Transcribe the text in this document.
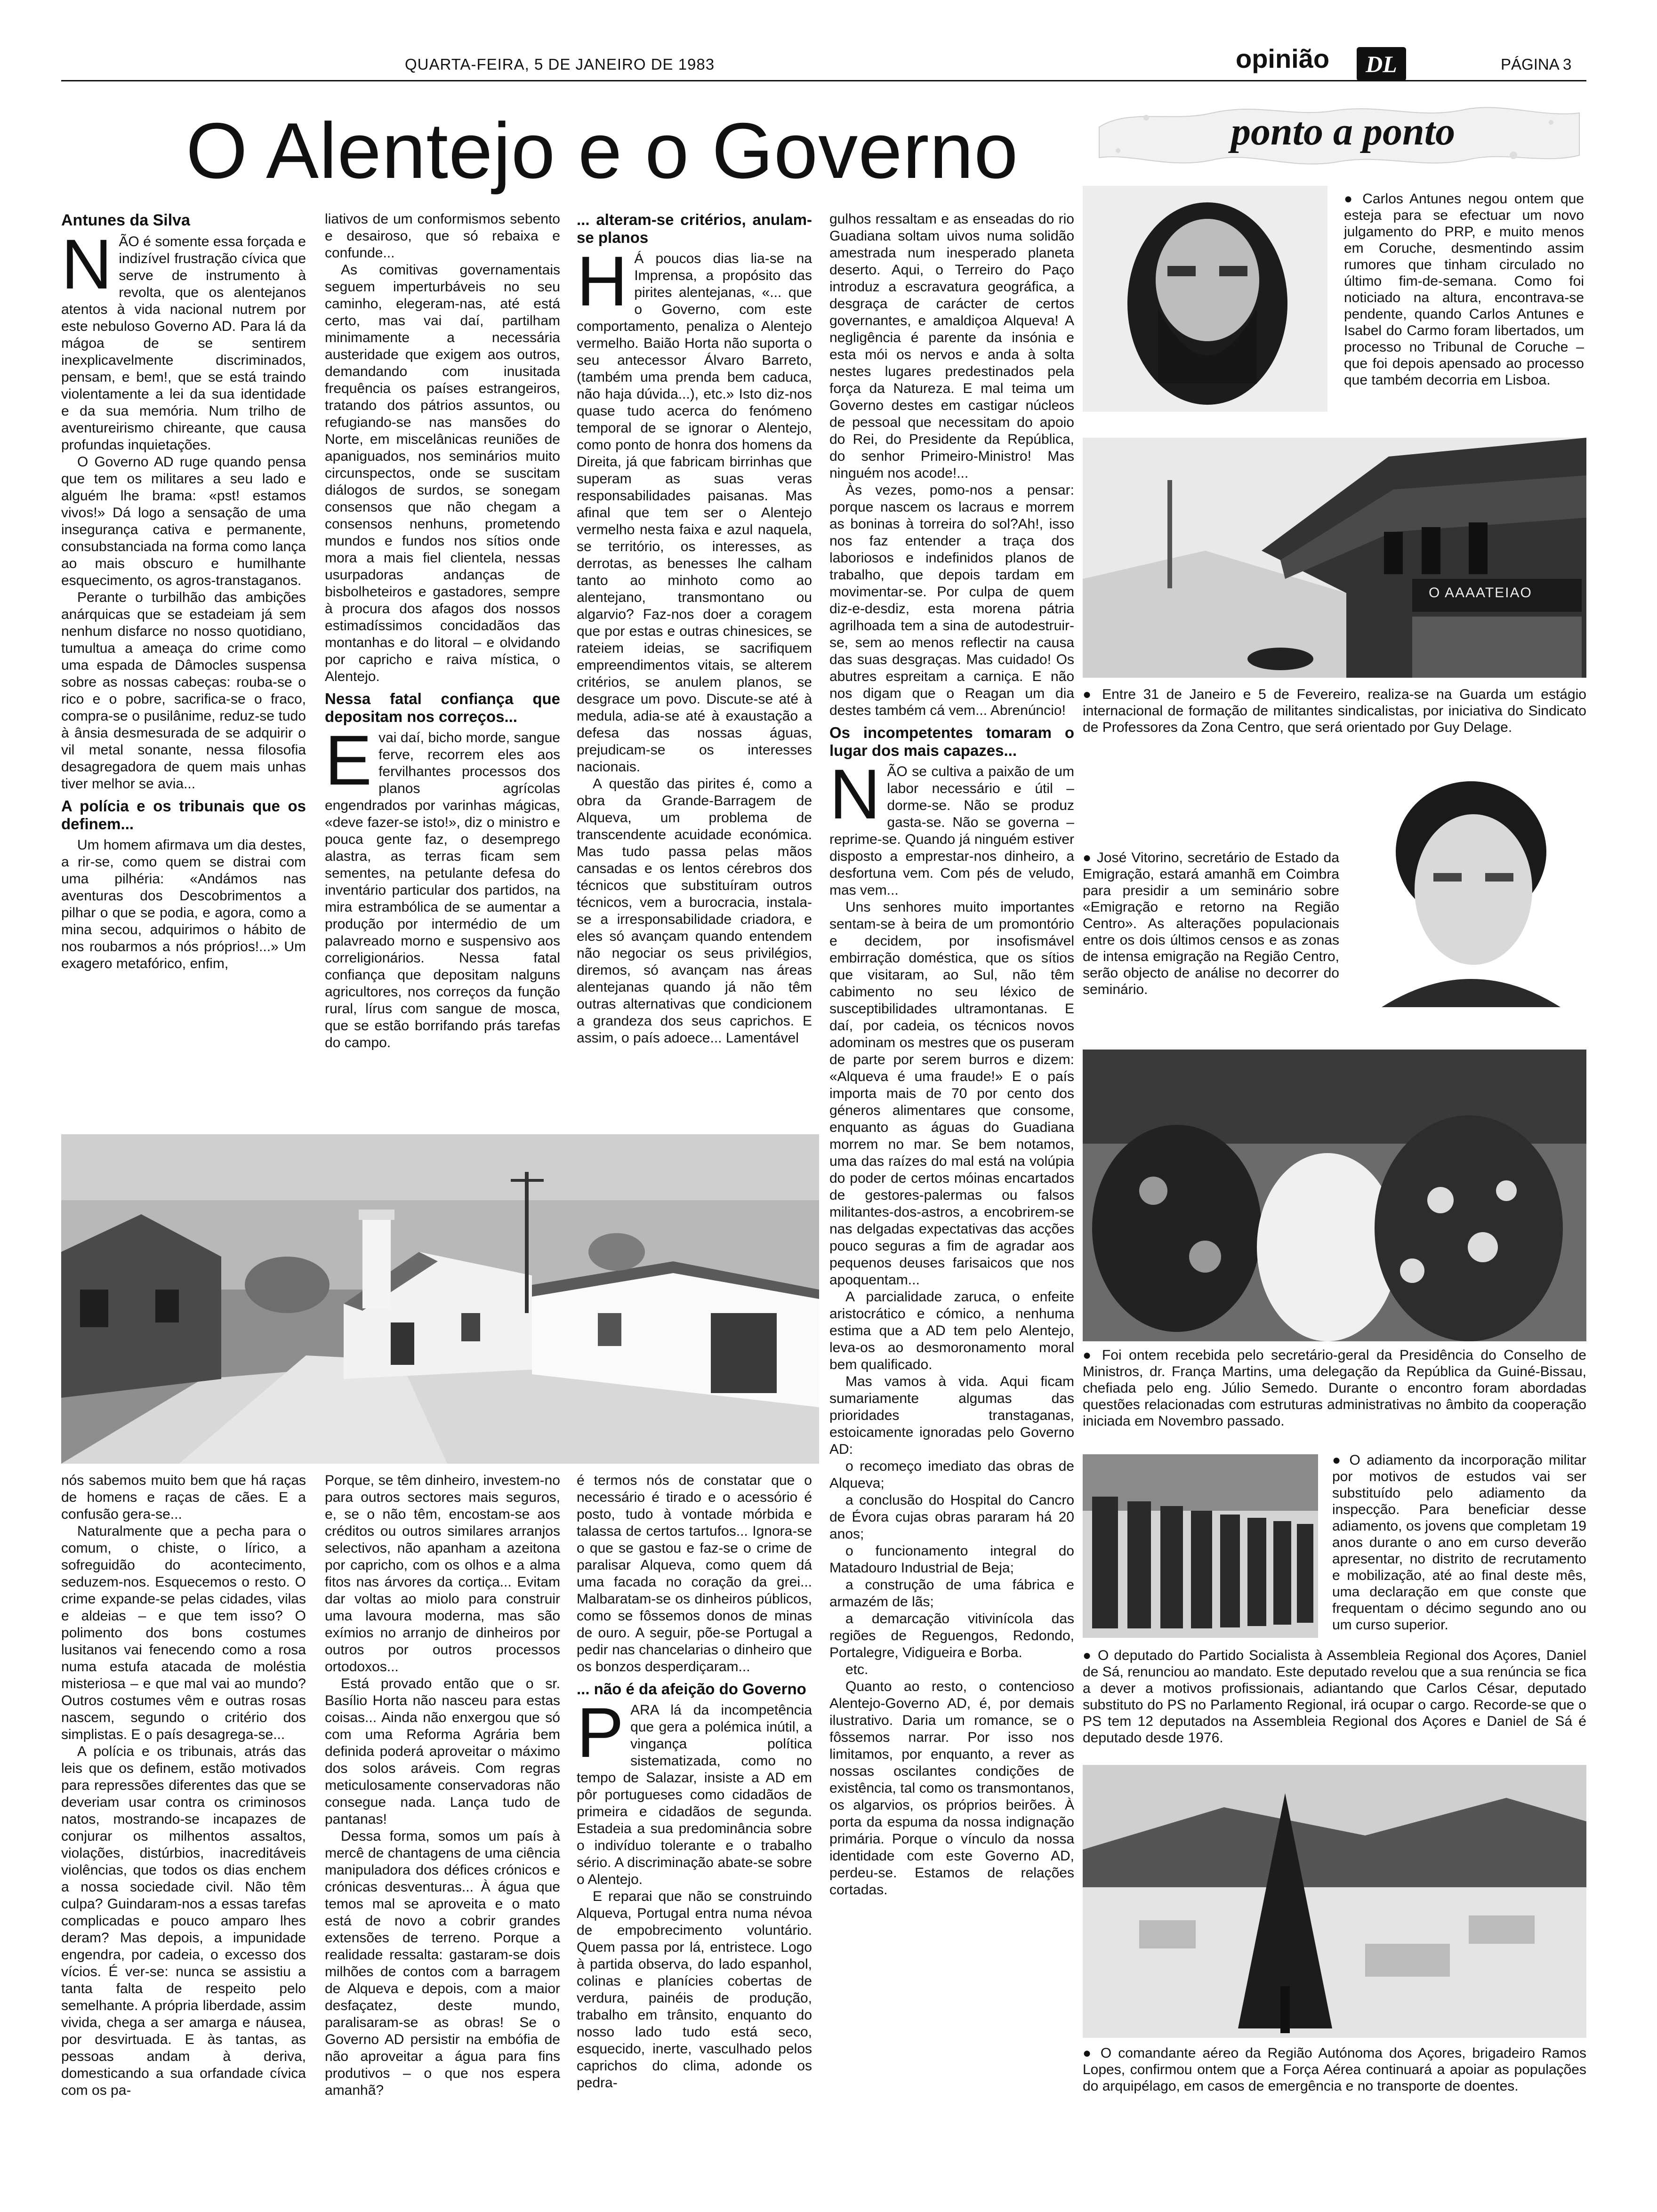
QUARTA-FEIRA, 5 DE JANEIRO DE 1983	opinião	DL	PÁGINA 3
O Alentejo e o Governo
Antunes da Silva

NÃO é somente essa forçada e indizível frustração cívica que serve de instrumento à revolta, que os alentejanos atentos à vida nacional nutrem por este nebuloso Governo AD. Para lá da mágoa de se sentirem inexplicavelmente discriminados, pensam, e bem!, que se está traindo violentamente a lei da sua identidade e da sua memória. Num trilho de aventureirismo chireante, que causa profundas inquietações.

O Governo AD ruge quando pensa que tem os militares a seu lado e alguém lhe brama: «pst! estamos vivos!» Dá logo a sensação de uma insegurança cativa e permanente, consubstanciada na forma como lança ao mais obscuro e humilhante esquecimento, os agros-transtaganos.

Perante o turbilhão das ambições anárquicas que se estadeiam já sem nenhum disfarce no nosso quotidiano, tumultua a ameaça do crime como uma espada de Dâmocles suspensa sobre as nossas cabeças: rouba-se o rico e o pobre, sacrifica-se o fraco, compra-se o pusilânime, reduz-se tudo à ânsia desmesurada de se adquirir o vil metal sonante, nessa filosofia desagregadora de quem mais unhas tiver melhor se avia...

A polícia e os tribunais que os definem...

Um homem afirmava um dia destes, a rir-se, como quem se distrai com uma pilhéria: «Andámos nas aventuras dos Descobrimentos a pilhar o que se podia, e agora, como a mina secou, adquirimos o hábito de nos roubarmos a nós próprios!...» Um exagero metafórico, enfim,

liativos de um conformismos sebento e desairoso, que só rebaixa e confunde...

As comitivas governamentais seguem imperturbáveis no seu caminho, elegeram-nas, até está certo, mas vai daí, partilham minimamente a necessária austeridade que exigem aos outros, demandando com inusitada frequência os países estrangeiros, tratando dos pátrios assuntos, ou refugiando-se nas mansões do Norte, em miscelânicas reuniões de apaniguados, nos seminários muito circunspectos, onde se suscitam diálogos de surdos, se sonegam consensos que não chegam a consensos nenhuns, prometendo mundos e fundos nos sítios onde mora a mais fiel clientela, nessas usurpadoras andanças de bisbolheteiros e gastadores, sempre à procura dos afagos dos nossos estimadíssimos concidadãos das montanhas e do litoral – e olvidando por capricho e raiva mística, o Alentejo.

Nessa fatal confiança que depositam nos correços...

Evai daí, bicho morde, sangue ferve, recorrem eles aos fervilhantes processos dos planos agrícolas engendrados por varinhas mágicas, «deve fazer-se isto!», diz o ministro e pouca gente faz, o desemprego alastra, as terras ficam sem sementes, na petulante defesa do inventário particular dos partidos, na mira estrambólica de se aumentar a produção por intermédio de um palavreado morno e suspensivo aos correligionários. Nessa fatal confiança que depositam nalguns agricultores, nos correços da função rural, lírus com sangue de mosca, que se estão borrifando prás tarefas do campo.

... alteram-se critérios, anulam-se planos

H Á poucos dias lia-se na Imprensa, a propósito das pirites alentejanas, «... que o Governo, com este comportamento, penaliza o Alentejo vermelho. Baião Horta não suporta o seu antecessor Álvaro Barreto, (também uma prenda bem caduca, não haja dúvida...), etc.» Isto diz-nos quase tudo acerca do fenómeno temporal de se ignorar o Alentejo, como ponto de honra dos homens da Direita, já que fabricam birrinhas que superam as suas veras responsabilidades paisanas. Mas afinal que tem ser o Alentejo vermelho nesta faixa e azul naquela, se território, os interesses, as derrotas, as benesses lhe calham tanto ao minhoto como ao alentejano, transmontano ou algarvio? Faz-nos doer a coragem que por estas e outras chinesices, se rateiem ideias, se sacrifiquem empreendimentos vitais, se alterem critérios, se anulem planos, se desgrace um povo. Discute-se até à medula, adia-se até à exaustação a defesa das nossas águas, prejudicam-se os interesses nacionais.

A questão das pirites é, como a obra da Grande-Barragem de Alqueva, um problema de transcendente acuidade económica. Mas tudo passa pelas mãos cansadas e os lentos cérebros dos técnicos que substituíram outros técnicos, vem a burocracia, instala-se a irresponsabilidade criadora, e eles só avançam quando entendem não negociar os seus privilégios, diremos, só avançam nas áreas alentejanas quando já não têm outras alternativas que condicionem a grandeza dos seus caprichos. E assim, o país adoece... Lamentável

gulhos ressaltam e as enseadas do rio Guadiana soltam uivos numa solidão amestrada num inesperado planeta deserto. Aqui, o Terreiro do Paço introduz a escravatura geográfica, a desgraça de carácter de certos governantes, e amaldiçoa Alqueva! A negligência é parente da insónia e esta mói os nervos e anda à solta nestes lugares predestinados pela força da Natureza. E mal teima um Governo destes em castigar núcleos de pessoal que necessitam do apoio do Rei, do Presidente da República, do senhor Primeiro-Ministro! Mas ninguém nos acode!...

Às vezes, pomo-nos a pensar: porque nascem os lacraus e morrem as boninas à torreira do sol?Ah!, isso nos faz entender a traça dos laboriosos e indefinidos planos de trabalho, que depois tardam em movimentar-se. Por culpa de quem diz-e-desdiz, esta morena pátria agrilhoada tem a sina de autodestruir-se, sem ao menos reflectir na causa das suas desgraças. Mas cuidado! Os abutres espreitam a carniça. E não nos digam que o Reagan um dia destes também cá vem... Abrenúncio!

Os incompetentes tomaram o lugar dos mais capazes...

NÃO se cultiva a paixão de um labor necessário e útil – dorme-se. Não se produz gasta-se. Não se governa – reprime-se. Quando já ninguém estiver disposto a emprestar-nos dinheiro, a desfortuna vem. Com pés de veludo, mas vem...

Uns senhores muito importantes sentam-se à beira de um promontório e decidem, por insofismável embirração doméstica, que os sítios que visitaram, ao Sul, não têm cabimento no seu léxico de susceptibilidades ultramontanas. E daí, por cadeia, os técnicos novos adominam os mestres que os puseram de parte por serem burros e dizem: «Alqueva é uma fraude!» E o país importa mais de 70 por cento dos géneros alimentares que consome, enquanto as águas do Guadiana morrem no mar. Se bem notamos, uma das raízes do mal está na volúpia do poder de certos móinas encartados de gestores-palermas ou falsos militantes-dos-astros, a encobrirem-se nas delgadas expectativas das acções pouco seguras a fim de agradar aos pequenos deuses farisaicos que nos apoquentam...

A parcialidade zaruca, o enfeite aristocrático e cómico, a nenhuma estima que a AD tem pelo Alentejo, leva-os ao desmoronamento moral bem qualificado.

Mas vamos à vida. Aqui ficam sumariamente algumas das prioridades transtaganas, estoicamente ignoradas pelo Governo AD:

o recomeço imediato das obras de Alqueva;

a conclusão do Hospital do Cancro de Évora cujas obras pararam há 20 anos;

o funcionamento integral do Matadouro Industrial de Beja;

a construção de uma fábrica e armazém de lãs;

a demarcação vitivinícola das regiões de Reguengos, Redondo, Portalegre, Vidigueira e Borba.

etc.

Quanto ao resto, o contencioso Alentejo-Governo AD, é, por demais ilustrativo. Daria um romance, se o fôssemos narrar. Por isso nos limitamos, por enquanto, a rever as nossas oscilantes condições de existência, tal como os transmontanos, os algarvios, os próprios beirões. À porta da espuma da nossa indignação primária. Porque o vínculo da nossa identidade com este Governo AD, perdeu-se. Estamos de relações cortadas.

nós sabemos muito bem que há raças de homens e raças de cães. E a confusão gera-se...

Naturalmente que a pecha para o comum, o chiste, o lírico, a sofreguidão do acontecimento, seduzem-nos. Esquecemos o resto. O crime expande-se pelas cidades, vilas e aldeias – e que tem isso? O polimento dos bons costumes lusitanos vai fenecendo como a rosa numa estufa atacada de moléstia misteriosa – e que mal vai ao mundo? Outros costumes vêm e outras rosas nascem, segundo o critério dos simplistas. E o país desagrega-se...

A polícia e os tribunais, atrás das leis que os definem, estão motivados para repressões diferentes das que se deveriam usar contra os criminosos natos, mostrando-se incapazes de conjurar os milhentos assaltos, violações, distúrbios, inacreditáveis violências, que todos os dias enchem a nossa sociedade civil. Não têm culpa? Guindaram-nos a essas tarefas complicadas e pouco amparo lhes deram? Mas depois, a impunidade engendra, por cadeia, o excesso dos vícios. É ver-se: nunca se assistiu a tanta falta de respeito pelo semelhante. A própria liberdade, assim vivida, chega a ser amarga e náusea, por desvirtuada. E às tantas, as pessoas andam à deriva, domesticando a sua orfandade cívica com os pa-

Porque, se têm dinheiro, investem-no para outros sectores mais seguros, e, se o não têm, encostam-se aos créditos ou outros similares arranjos selectivos, não apanham a azeitona por capricho, com os olhos e a alma fitos nas árvores da cortiça... Evitam dar voltas ao miolo para construir uma lavoura moderna, mas são exímios no arranjo de dinheiros por outros por outros processos ortodoxos...

Está provado então que o sr. Basílio Horta não nasceu para estas coisas... Ainda não enxergou que só com uma Reforma Agrária bem definida poderá aproveitar o máximo dos solos aráveis. Com regras meticulosamente conservadoras não consegue nada. Lança tudo de pantanas!

Dessa forma, somos um país à mercê de chantagens de uma ciência manipuladora dos défices crónicos e crónicas desventuras... À água que temos mal se aproveita e o mato está de novo a cobrir grandes extensões de terreno. Porque a realidade ressalta: gastaram-se dois milhões de contos com a barragem de Alqueva e depois, com a maior desfaçatez, deste mundo, paralisaram-se as obras! Se o Governo AD persistir na embófia de não aproveitar a água para fins produtivos – o que nos espera amanhã?

é termos nós de constatar que o necessário é tirado e o acessório é posto, tudo à vontade mórbida e talassa de certos tartufos... Ignora-se o que se gastou e faz-se o crime de paralisar Alqueva, como quem dá uma facada no coração da grei... Malbaratam-se os dinheiros públicos, como se fôssemos donos de minas de ouro. A seguir, põe-se Portugal a pedir nas chancelarias o dinheiro que os bonzos desperdiçaram...

... não é da afeição do Governo

PARA lá da incompetência que gera a polémica inútil, a vingança política sistematizada, como no tempo de Salazar, insiste a AD em pôr portugueses como cidadãos de primeira e cidadãos de segunda. Estadeia a sua predominância sobre o indivíduo tolerante e o trabalho sério. A discriminação abate-se sobre o Alentejo.

E reparai que não se construindo Alqueva, Portugal entra numa névoa de empobrecimento voluntário. Quem passa por lá, entristece. Logo à partida observa, do lado espanhol, colinas e planícies cobertas de verdura, painéis de produção, trabalho em trânsito, enquanto do nosso lado tudo está seco, esquecido, inerte, vasculhado pelos caprichos do clima, adonde os pedra-

ponto a ponto

● Carlos Antunes negou ontem que esteja para se efectuar um novo julgamento do PRP, e muito menos em Coruche, desmentindo assim rumores que tinham circulado no último fim-de-semana. Como foi noticiado na altura, encontrava-se pendente, quando Carlos Antunes e Isabel do Carmo foram libertados, um processo no Tribunal de Coruche – que foi depois apensado ao processo que também decorria em Lisboa.

O AAAATEIAO

● Entre 31 de Janeiro e 5 de Fevereiro, realiza-se na Guarda um estágio internacional de formação de militantes sindicalistas, por iniciativa do Sindicato de Professores da Zona Centro, que será orientado por Guy Delage.

● José Vitorino, secretário de Estado da Emigração, estará amanhã em Coimbra para presidir a um seminário sobre «Emigração e retorno na Região Centro». As alterações populacionais entre os dois últimos censos e as zonas de intensa emigração na Região Centro, serão objecto de análise no decorrer do seminário.

● Foi ontem recebida pelo secretário-geral da Presidência do Conselho de Ministros, dr. França Martins, uma delegação da República da Guiné-Bissau, chefiada pelo eng. Júlio Semedo. Durante o encontro foram abordadas questões relacionadas com estruturas administrativas no âmbito da cooperação iniciada em Novembro passado.

● O adiamento da incorporação militar por motivos de estudos vai ser substituído pelo adiamento da inspecção. Para beneficiar desse adiamento, os jovens que completam 19 anos durante o ano em curso deverão apresentar, no distrito de recrutamento e mobilização, até ao final deste mês, uma declaração em que conste que frequentam o décimo segundo ano ou um curso superior.

● O deputado do Partido Socialista à Assembleia Regional dos Açores, Daniel de Sá, renunciou ao mandato. Este deputado revelou que a sua renúncia se fica a dever a motivos profissionais, adiantando que Carlos César, deputado substituto do PS no Parlamento Regional, irá ocupar o cargo. Recorde-se que o PS tem 12 deputados na Assembleia Regional dos Açores e Daniel de Sá é deputado desde 1976.

● O comandante aéreo da Região Autónoma dos Açores, brigadeiro Ramos Lopes, confirmou ontem que a Força Aérea continuará a apoiar as populações do arquipélago, em casos de emergência e no transporte de doentes.
